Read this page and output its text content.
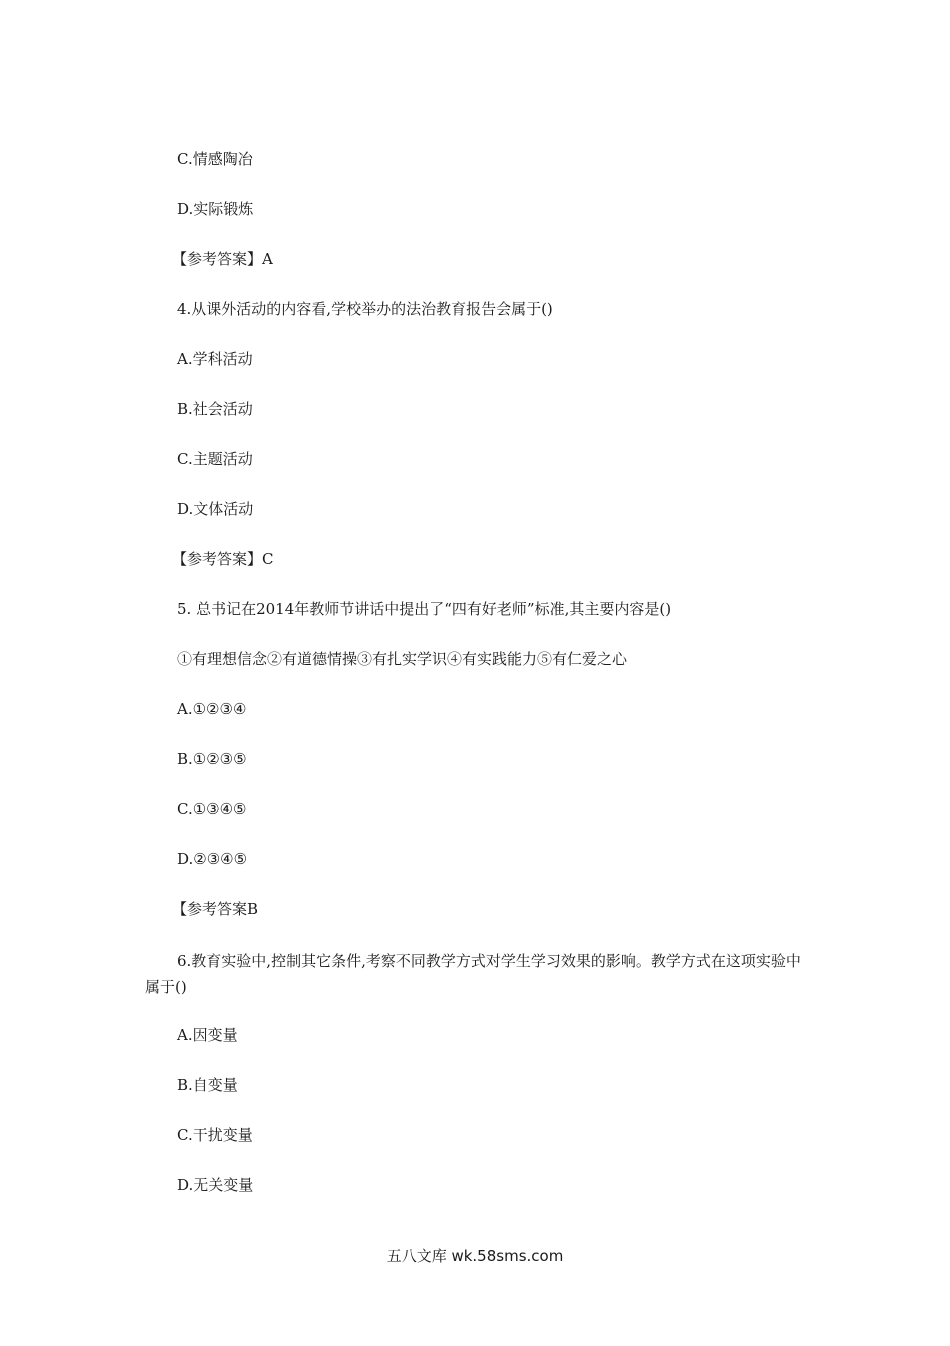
C.情感陶冶
D.实际锻炼
【参考答案】A
4.从课外活动的内容看,学校举办的法治教育报告会属于()
A.学科活动
B.社会活动
C.主题活动
D.文体活动
【参考答案】C
5. 总书记在2014年教师节讲话中提出了“四有好老师”标准,其主要内容是()
①有理想信念②有道德情操③有扎实学识④有实践能力⑤有仁爱之心
A.①②③④
B.①②③⑤
C.①③④⑤
D.②③④⑤
【参考答案B
6.教育实验中,控制其它条件,考察不同教学方式对学生学习效果的影响。教学方式在这项实验中属于()
A.因变量
B.自变量
C.干扰变量
D.无关变量
五八文库 wk.58sms.com
